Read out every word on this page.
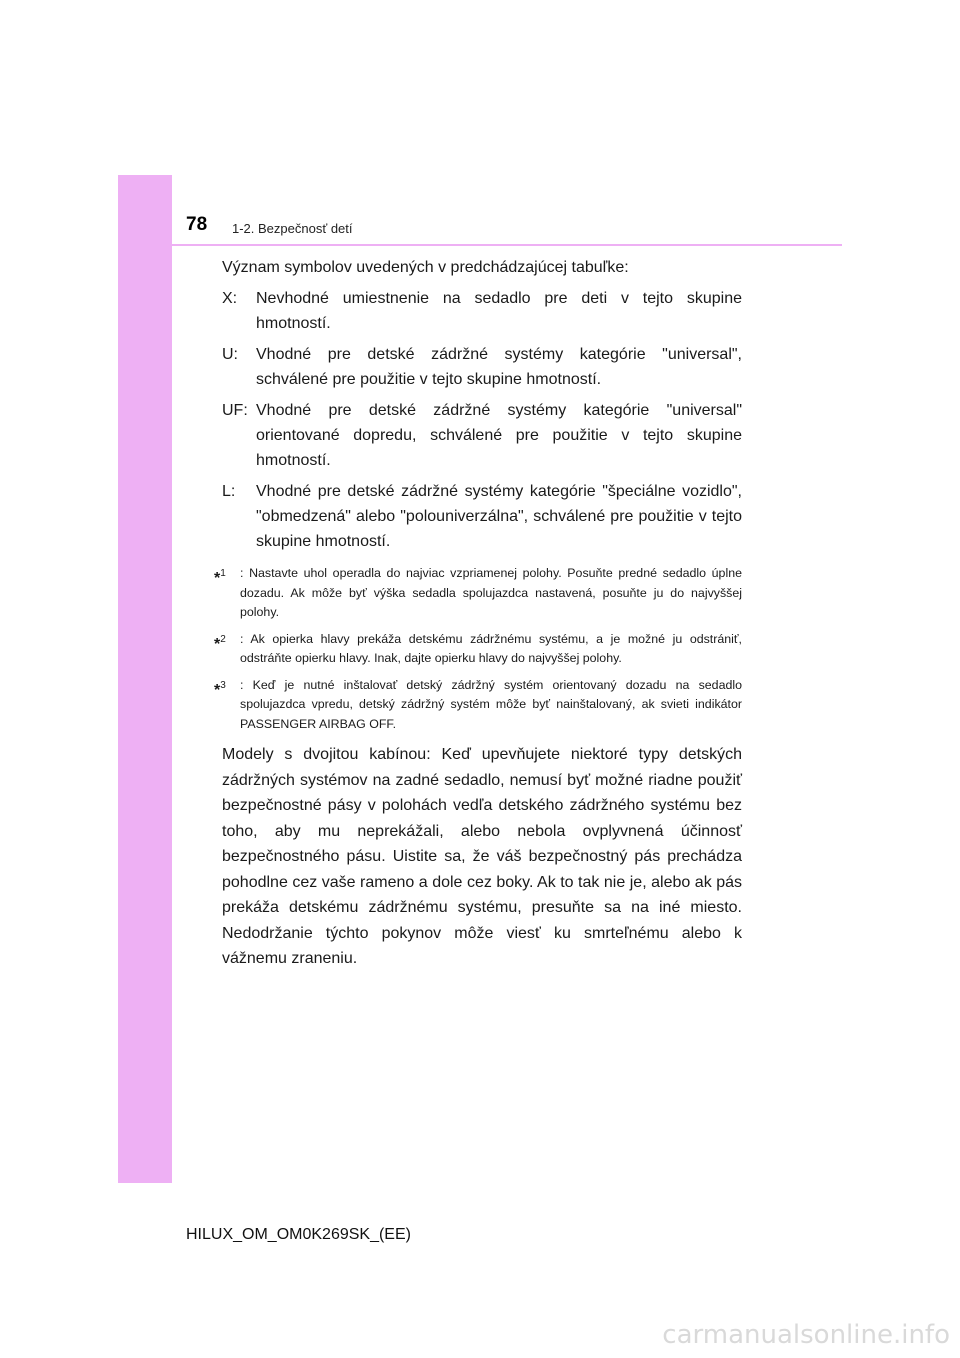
78 1-2. Bezpečnosť detí

Význam symbolov uvedených v predchádzajúcej tabuľke:

X:	Nevhodné umiestnenie na sedadlo pre deti v tejto skupine hmotností.
U:	Vhodné pre detské zádržné systémy kategórie "universal", schválené pre použitie v tejto skupine hmotností.
UF: Vhodné pre detské zádržné systémy kategórie "universal" orientované dopredu, schválené pre použitie v tejto skupine hmotností.
L:	Vhodné pre detské zádržné systémy kategórie "špeciálne vozidlo", "obmedzená" alebo "polouniverzálna", schválené pre použitie v tejto skupine hmotností.
*$^1$	: Nastavte uhol operadla do najviac vzpriamenej polohy. Posuňte predné sedadlo úplne dozadu. Ak môže byť výška sedadla spolujazdca nastavená, posuňte ju do najvyššej polohy.
*$^2$	: Ak opierka hlavy prekáža detskému zádržnému systému, a je možné ju odstrániť, odstráňte opierku hlavy. Inak, dajte opierku hlavy do najvyššej polohy.
*$^3$	: Keď je nutné inštalovať detský zádržný systém orientovaný dozadu na sedadlo spolujazdca vpredu, detský zádržný systém môže byť nainštalovaný, ak svieti indikátor PASSENGER AIRBAG OFF.

Modely s dvojitou kabínou: Keď upevňujete niektoré typy detských zádržných systémov na zadné sedadlo, nemusí byť možné riadne použiť bezpečnostné pásy v polohách vedľa detského zádržného systému bez toho, aby mu neprekážali, alebo nebola ovplyvnená účinnosť bezpečnostného pásu. Uistite sa, že váš bezpečnostný pás prechádza pohodlne cez vaše rameno a dole cez boky. Ak to tak nie je, alebo ak pás prekáža detskému zádržnému systému, presuňte sa na iné miesto. Nedodržanie týchto pokynov môže viesť ku smrteľnému alebo k vážnemu zraneniu.

HILUX_OM_OM0K269SK_(EE)
carmanualsonline.info
